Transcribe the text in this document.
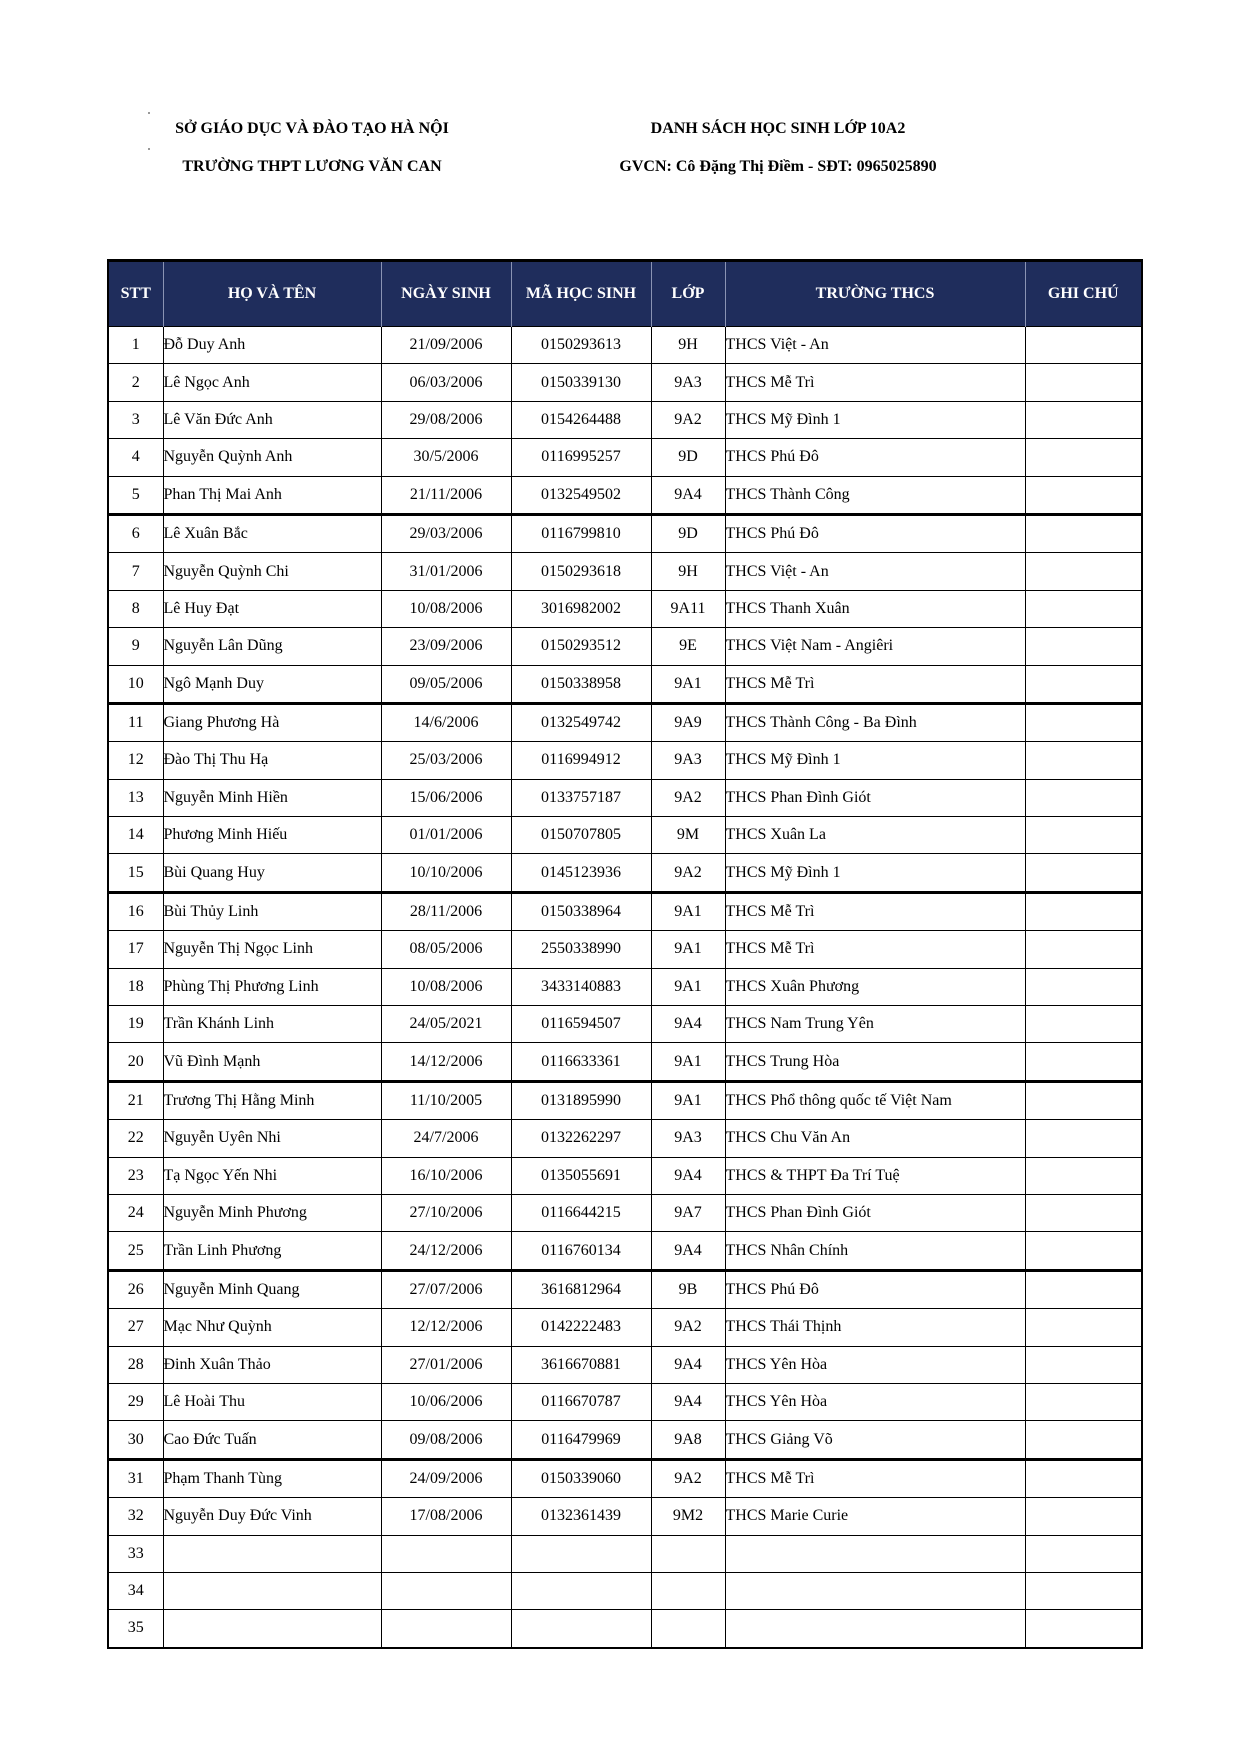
SỞ GIÁO DỤC VÀ ĐÀO TẠO HÀ NỘI
TRƯỜNG THPT LƯƠNG VĂN CAN
DANH SÁCH HỌC SINH LỚP 10A2
GVCN: Cô Đặng Thị Điềm - SĐT: 0965025890
STT	HỌ VÀ TÊN	NGÀY SINH	MÃ HỌC SINH	LỚP	TRƯỜNG THCS	GHI CHÚ
1	Đỗ Duy Anh	21/09/2006	0150293613	9H	THCS Việt - An	
2	Lê Ngọc Anh	06/03/2006	0150339130	9A3	THCS Mễ Trì	
3	Lê Văn Đức Anh	29/08/2006	0154264488	9A2	THCS Mỹ Đình 1	
4	Nguyễn Quỳnh Anh	30/5/2006	0116995257	9D	THCS Phú Đô	
5	Phan Thị Mai Anh	21/11/2006	0132549502	9A4	THCS Thành Công	
6	Lê Xuân Bắc	29/03/2006	0116799810	9D	THCS Phú Đô	
7	Nguyễn Quỳnh Chi	31/01/2006	0150293618	9H	THCS Việt - An	
8	Lê Huy Đạt	10/08/2006	3016982002	9A11	THCS Thanh Xuân	
9	Nguyễn Lân Dũng	23/09/2006	0150293512	9E	THCS Việt Nam - Angiêri	
10	Ngô Mạnh Duy	09/05/2006	0150338958	9A1	THCS Mễ Trì	
11	Giang Phương Hà	14/6/2006	0132549742	9A9	THCS Thành Công - Ba Đình	
12	Đào Thị Thu Hạ	25/03/2006	0116994912	9A3	THCS Mỹ Đình 1	
13	Nguyễn Minh Hiền	15/06/2006	0133757187	9A2	THCS Phan Đình Giót	
14	Phương Minh Hiếu	01/01/2006	0150707805	9M	THCS Xuân La	
15	Bùi Quang Huy	10/10/2006	0145123936	9A2	THCS Mỹ Đình 1	
16	Bùi Thủy Linh	28/11/2006	0150338964	9A1	THCS Mễ Trì	
17	Nguyễn Thị Ngọc Linh	08/05/2006	2550338990	9A1	THCS Mễ Trì	
18	Phùng Thị Phương Linh	10/08/2006	3433140883	9A1	THCS Xuân Phương	
19	Trần Khánh Linh	24/05/2021	0116594507	9A4	THCS Nam Trung Yên	
20	Vũ Đình Mạnh	14/12/2006	0116633361	9A1	THCS Trung Hòa	
21	Trương Thị Hằng Minh	11/10/2005	0131895990	9A1	THCS Phổ thông quốc tế Việt Nam	
22	Nguyễn Uyên Nhi	24/7/2006	0132262297	9A3	THCS Chu Văn An	
23	Tạ Ngọc Yến Nhi	16/10/2006	0135055691	9A4	THCS & THPT Đa Trí Tuệ	
24	Nguyễn Minh Phương	27/10/2006	0116644215	9A7	THCS Phan Đình Giót	
25	Trần Linh Phương	24/12/2006	0116760134	9A4	THCS Nhân Chính	
26	Nguyễn Minh Quang	27/07/2006	3616812964	9B	THCS Phú Đô	
27	Mạc Như Quỳnh	12/12/2006	0142222483	9A2	THCS Thái Thịnh	
28	Đinh Xuân Thảo	27/01/2006	3616670881	9A4	THCS Yên Hòa	
29	Lê Hoài Thu	10/06/2006	0116670787	9A4	THCS Yên Hòa	
30	Cao Đức Tuấn	09/08/2006	0116479969	9A8	THCS Giảng Võ	
31	Phạm Thanh Tùng	24/09/2006	0150339060	9A2	THCS Mễ Trì	
32	Nguyễn Duy Đức Vinh	17/08/2006	0132361439	9M2	THCS Marie Curie	
33						
34						
35						
